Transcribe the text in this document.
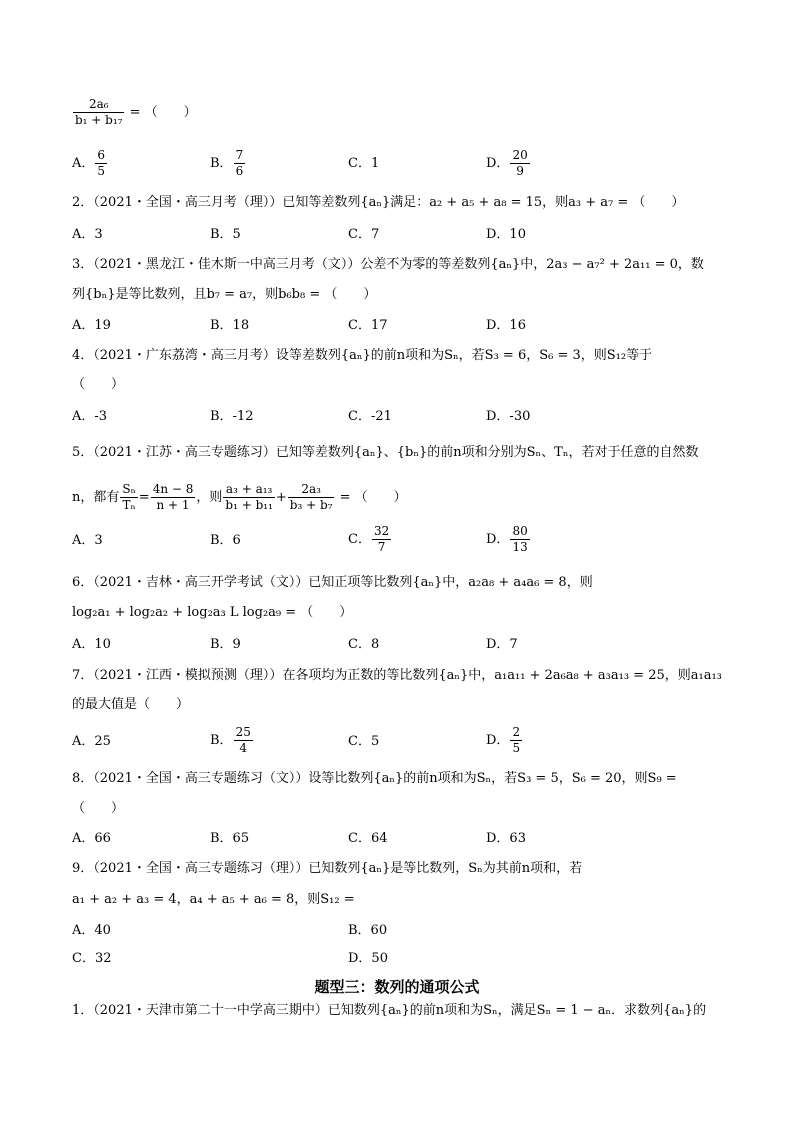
$\frac{\text{2a₆}}{\text{b₁ + b₁₇}}$ = （　　）
A． $\frac{6}{5}$	B． $\frac{7}{6}$	C．1	D． $\frac{20}{9}$
2．（2021・全国・高三月考（理））已知等差数列{aₙ}满足：a₂ + a₅ + a₈ = 15，则a₃ + a₇ = （　　）
A．3	B．5	C．7	D．10
3．（2021・黑龙江・佳木斯一中高三月考（文））公差不为零的等差数列{aₙ}中，2a₃ − a₇² + 2a₁₁ = 0，数
列{bₙ}是等比数列，且b₇ = a₇，则b₆b₈ = （　　）
A．19	B．18	C．17	D．16
4．（2021・广东荔湾・高三月考）设等差数列{aₙ}的前n项和为Sₙ，若S₃ = 6，S₆ = 3，则S₁₂等于
（　　）
A．-3	B．-12	C．-21	D．-30
5．（2021・江苏・高三专题练习）已知等差数列{aₙ}、{bₙ}的前n项和分别为Sₙ、Tₙ，若对于任意的自然数
n，都有 $\frac{\text{Sₙ}}{\text{Tₙ}} = \frac{4n - 8}{n + 1}$ ，则 $\frac{\text{a₃ + a₁₃}}{\text{b₁ + b₁₁}} + \frac{\text{2a₃}}{\text{b₃ + b₇}}$ = （　　）
A．3	B．6	C． $\frac{32}{7}$	D． $\frac{80}{13}$
6．（2021・吉林・高三开学考试（文））已知正项等比数列{aₙ}中，a₂a₈ + a₄a₆ = 8，则
log₂a₁ + log₂a₂ + log₂a₃ L log₂a₉ = （　　）
A．10	B．9	C．8	D．7
7．（2021・江西・模拟预测（理））在各项均为正数的等比数列{aₙ}中，a₁a₁₁ + 2a₆a₈ + a₃a₁₃ = 25，则a₁a₁₃
的最大值是（　　）
A．25	B． $\frac{25}{4}$	C．5	D． $\frac{2}{5}$
8．（2021・全国・高三专题练习（文））设等比数列{aₙ}的前n项和为Sₙ，若S₃ = 5，S₆ = 20，则S₉ =
（　　）
A．66	B．65	C．64	D．63
9．（2021・全国・高三专题练习（理））已知数列{aₙ}是等比数列，Sₙ为其前n项和，若
a₁ + a₂ + a₃ = 4，a₄ + a₅ + a₆ = 8，则S₁₂ =
A．40	B．60
C．32	D．50
题型三：数列的通项公式
1．（2021・天津市第二十一中学高三期中）已知数列{aₙ}的前n项和为Sₙ，满足Sₙ = 1 − aₙ．求数列{aₙ}的
